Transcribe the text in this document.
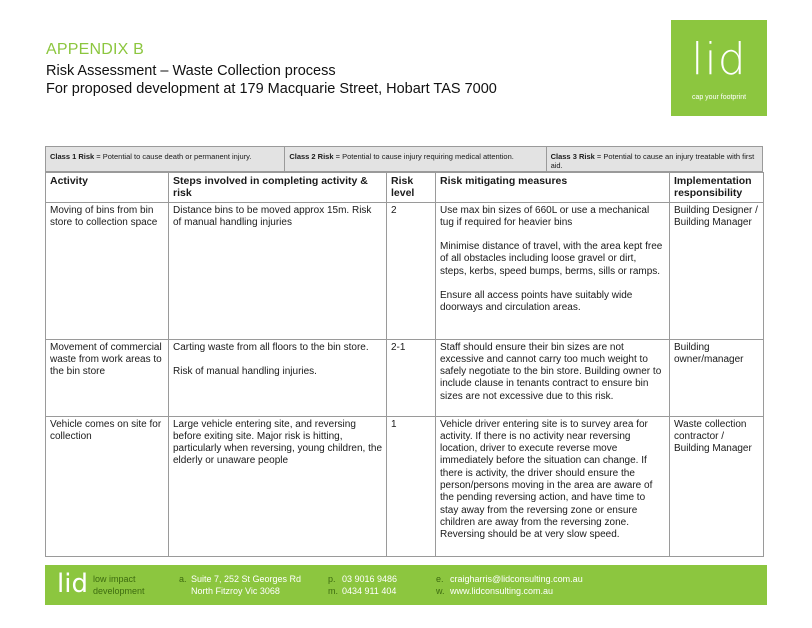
APPENDIX B
Risk Assessment – Waste Collection process
For proposed development at 179 Macquarie Street, Hobart TAS 7000
lid
cap your footprint
Class 1 Risk = Potential to cause death or permanent injury.	Class 2 Risk = Potential to cause injury requiring medical attention.	Class 3 Risk = Potential to cause an injury treatable with first aid.
Activity	Steps involved in completing activity & risk	Risk level	Risk mitigating measures	Implementation responsibility
Moving of bins from bin store to collection space	Distance bins to be moved approx 15m. Risk of manual handling injuries	2	Use max bin sizes of 660L or use a mechanical tug if required for heavier bins

Minimise distance of travel, with the area kept free of all obstacles including loose gravel or dirt, steps, kerbs, speed bumps, berms, sills or ramps.

Ensure all access points have suitably wide doorways and circulation areas.	Building Designer / Building Manager
Movement of commercial waste from work areas to the bin store	Carting waste from all floors to the bin store.

Risk of manual handling injuries.	2-1	Staff should ensure their bin sizes are not excessive and cannot carry too much weight to safely negotiate to the bin store. Building owner to include clause in tenants contract to ensure bin sizes are not excessive due to this risk.	Building owner/manager
Vehicle comes on site for collection	Large vehicle entering site, and reversing before exiting site. Major risk is hitting, particularly when reversing, young children, the elderly or unaware people	1	Vehicle driver entering site is to survey area for activity. If there is no activity near reversing location, driver to execute reverse move immediately before the situation can change. If there is activity, the driver should ensure the person/persons moving in the area are aware of the pending reversing action, and have time to stay away from the reversing zone or ensure children are away from the reversing zone. Reversing should be at very slow speed.	Waste collection contractor / Building Manager
lid low impact
development
a. Suite 7, 252 St Georges Rd
North Fitzroy Vic 3068
p. 03 9016 9486
m. 0434 911 404
e. craigharris@lidconsulting.com.au
w. www.lidconsulting.com.au
